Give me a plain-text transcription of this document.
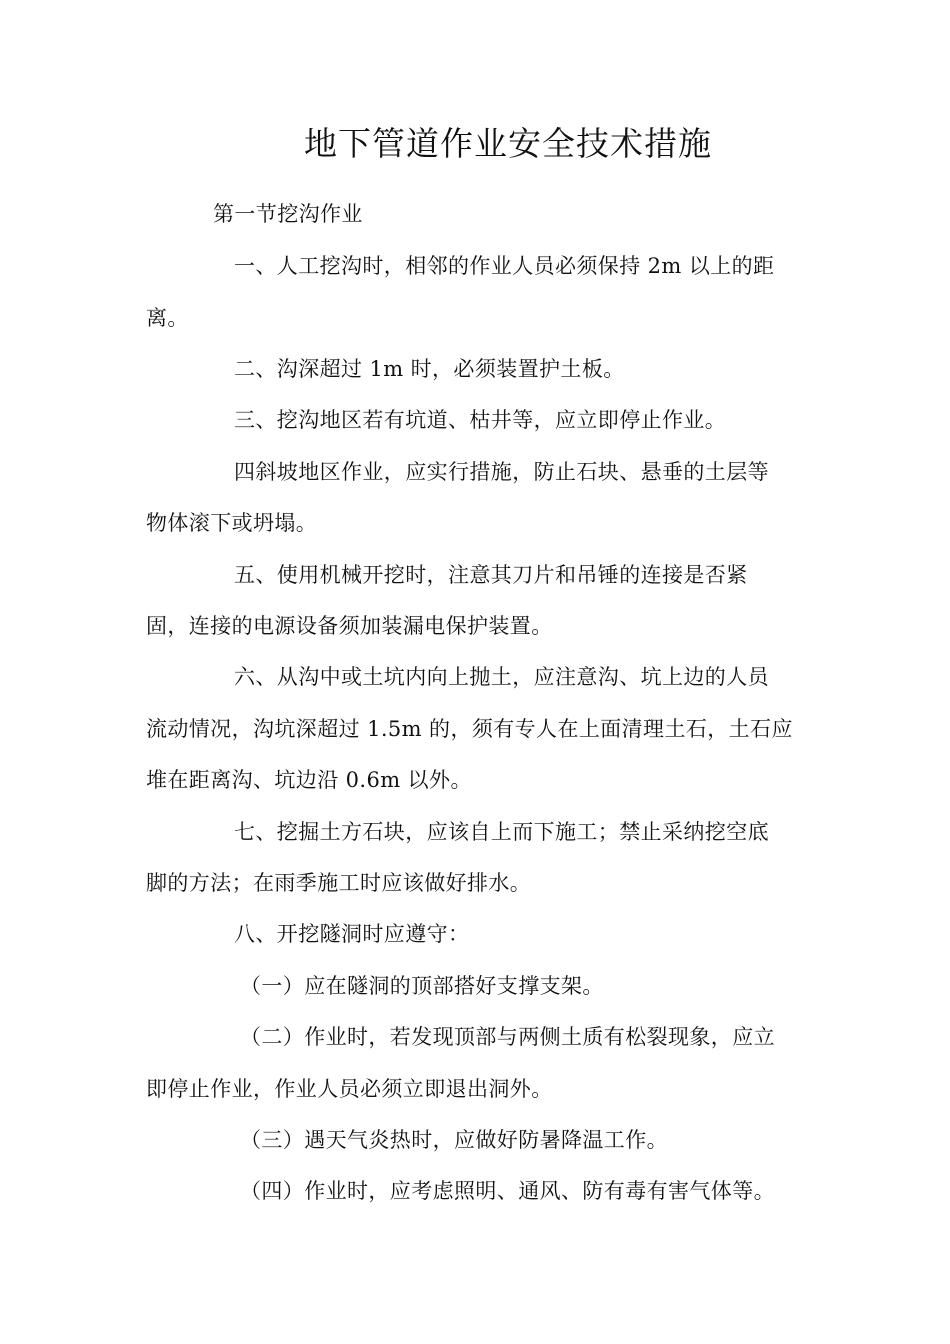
地下管道作业安全技术措施
第一节挖沟作业
一、人工挖沟时，相邻的作业人员必须保持 2m 以上的距
离。
二、沟深超过 1m 时，必须装置护土板。
三、挖沟地区若有坑道、枯井等，应立即停止作业。
四斜坡地区作业，应实行措施，防止石块、悬垂的土层等
物体滚下或坍塌。
五、使用机械开挖时，注意其刀片和吊锤的连接是否紧
固，连接的电源设备须加装漏电保护装置。
六、从沟中或土坑内向上抛土，应注意沟、坑上边的人员
流动情况，沟坑深超过 1.5m 的，须有专人在上面清理土石，土石应
堆在距离沟、坑边沿 0.6m 以外。
七、挖掘土方石块，应该自上而下施工；禁止采纳挖空底
脚的方法；在雨季施工时应该做好排水。
八、开挖隧洞时应遵守：
（一）应在隧洞的顶部搭好支撑支架。
（二）作业时，若发现顶部与两侧土质有松裂现象，应立
即停止作业，作业人员必须立即退出洞外。
（三）遇天气炎热时，应做好防暑降温工作。
（四）作业时，应考虑照明、通风、防有毒有害气体等。
